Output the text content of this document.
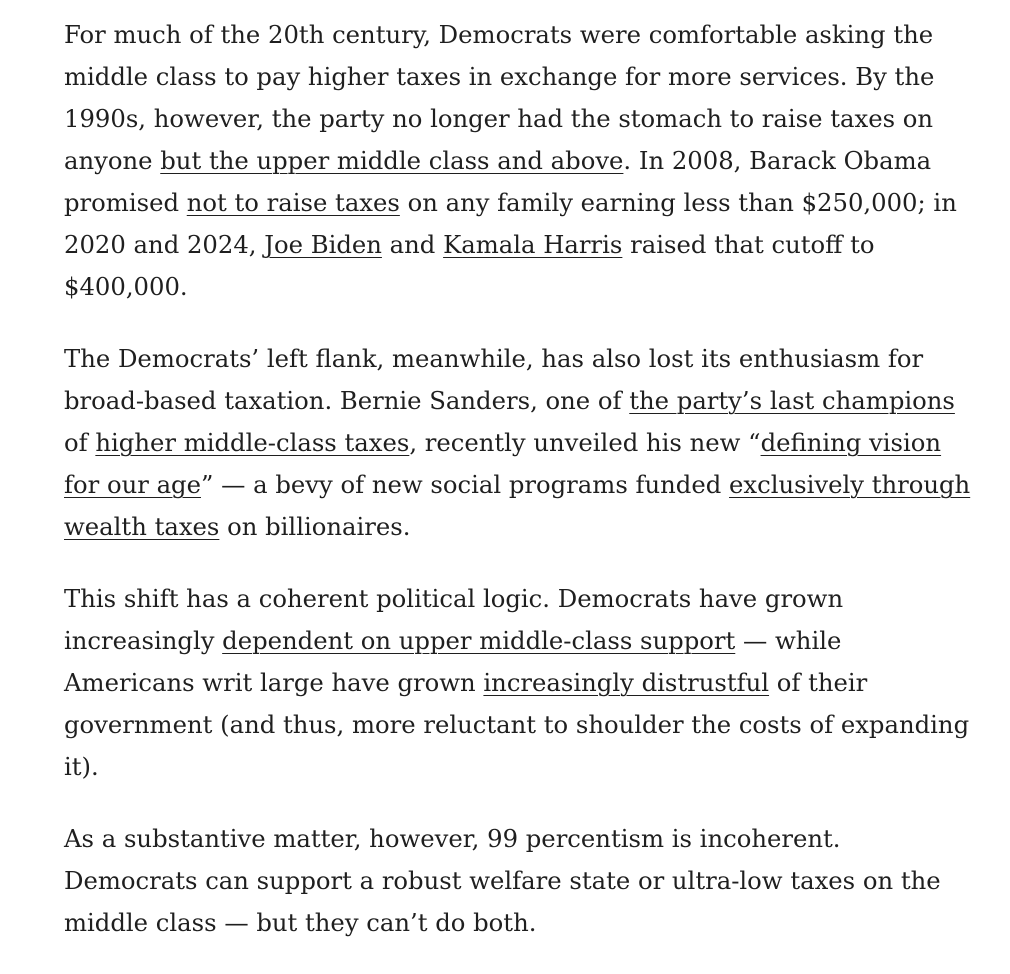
For much of the 20th century, Democrats were comfortable asking the middle class to pay higher taxes in exchange for more services. By the 1990s, however, the party no longer had the stomach to raise taxes on anyone but the upper middle class and above. In 2008, Barack Obama promised not to raise taxes on any family earning less than $250,000; in 2020 and 2024, Joe Biden and Kamala Harris raised that cutoff to $400,000.

The Democrats’ left flank, meanwhile, has also lost its enthusiasm for broad-based taxation. Bernie Sanders, one of the party’s last champions of higher middle-class taxes, recently unveiled his new “defining vision for our age” — a bevy of new social programs funded exclusively through wealth taxes on billionaires.

This shift has a coherent political logic. Democrats have grown increasingly dependent on upper middle-class support — while Americans writ large have grown increasingly distrustful of their government (and thus, more reluctant to shoulder the costs of expanding it).

As a substantive matter, however, 99 percentism is incoherent. Democrats can support a robust welfare state or ultra-low taxes on the middle class — but they can’t do both.
